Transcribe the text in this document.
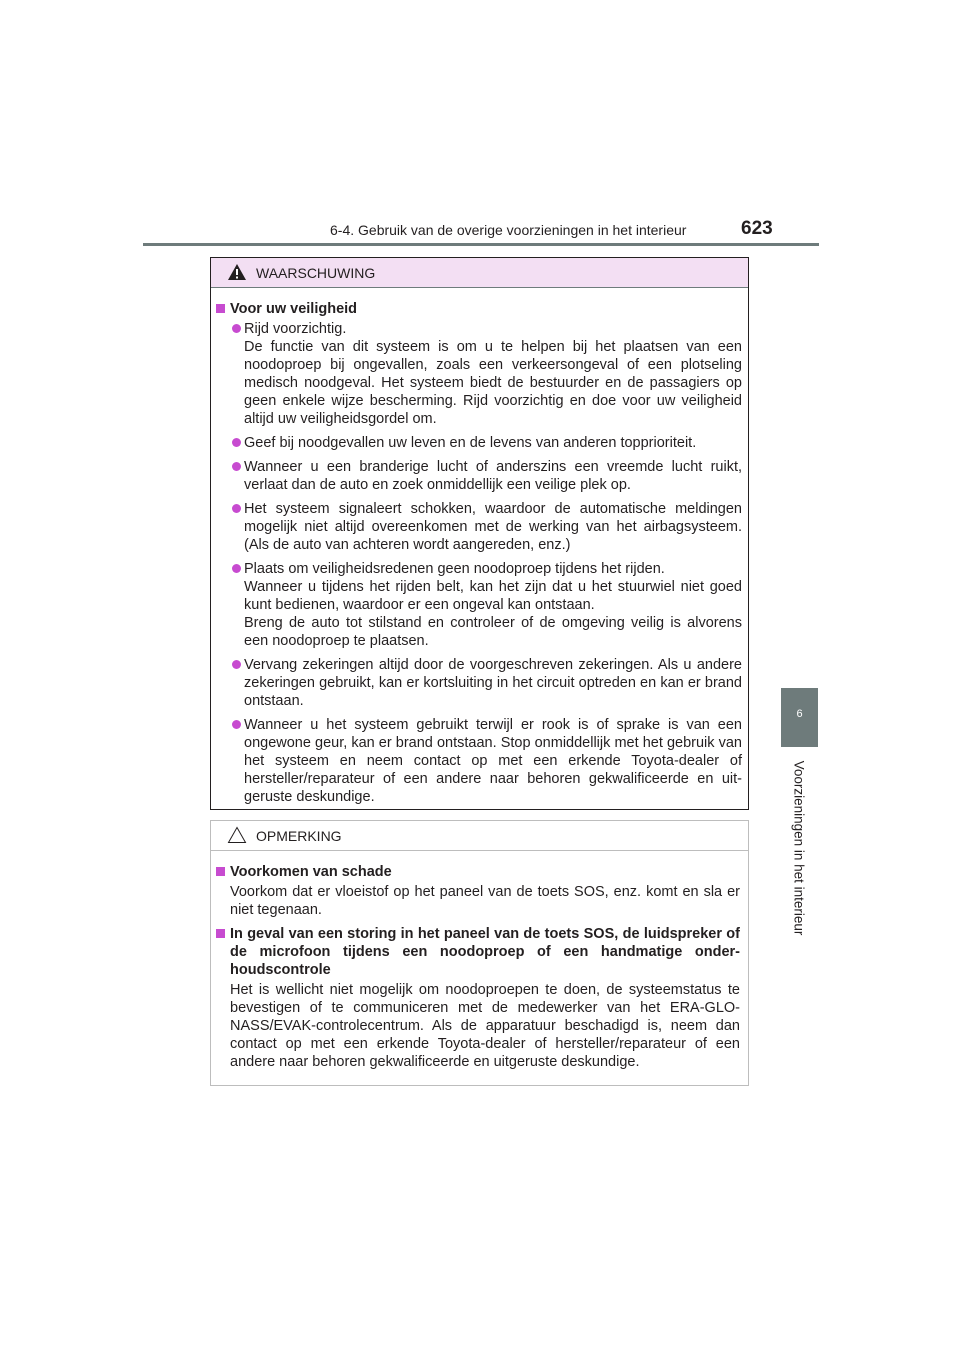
6-4. Gebruik van de overige voorzieningen in het interieur	623
6
Voorzieningen in het interieur
WAARSCHUWING
Voor uw veiligheid
Rijd voorzichtig.
De functie van dit systeem is om u te helpen bij het plaatsen van een noodoproep bij ongevallen, zoals een verkeersongeval of een plotseling medisch noodgeval. Het systeem biedt de bestuurder en de passagiers op geen enkele wijze bescherming. Rijd voorzichtig en doe voor uw veiligheid altijd uw veiligheidsgordel om.
Geef bij noodgevallen uw leven en de levens van anderen topprioriteit.
Wanneer u een branderige lucht of anderszins een vreemde lucht ruikt, verlaat dan de auto en zoek onmiddellijk een veilige plek op.
Het systeem signaleert schokken, waardoor de automatische meldingen mogelijk niet altijd overeenkomen met de werking van het airbagsysteem. (Als de auto van achteren wordt aangereden, enz.)
Plaats om veiligheidsredenen geen noodoproep tijdens het rijden.
Wanneer u tijdens het rijden belt, kan het zijn dat u het stuurwiel niet goed kunt bedienen, waardoor er een ongeval kan ontstaan.
Breng de auto tot stilstand en controleer of de omgeving veilig is alvorens een noodoproep te plaatsen.
Vervang zekeringen altijd door de voorgeschreven zekeringen. Als u andere zekeringen gebruikt, kan er kortsluiting in het circuit optreden en kan er brand ontstaan.
Wanneer u het systeem gebruikt terwijl er rook is of sprake is van een ongewone geur, kan er brand ontstaan. Stop onmiddellijk met het gebruik van het systeem en neem contact op met een erkende Toyota-dealer of hersteller/reparateur of een andere naar behoren gekwalificeerde en uit-geruste deskundige.
OPMERKING
Voorkomen van schade
Voorkom dat er vloeistof op het paneel van de toets SOS, enz. komt en sla er niet tegenaan.
In geval van een storing in het paneel van de toets SOS, de luidspreker of de microfoon tijdens een noodoproep of een handmatige onder-houdscontrole
Het is wellicht niet mogelijk om noodoproepen te doen, de systeemstatus te bevestigen of te communiceren met de medewerker van het ERA-GLO-NASS/EVAK-controlecentrum. Als de apparatuur beschadigd is, neem dan contact op met een erkende Toyota-dealer of hersteller/reparateur of een andere naar behoren gekwalificeerde en uitgeruste deskundige.
